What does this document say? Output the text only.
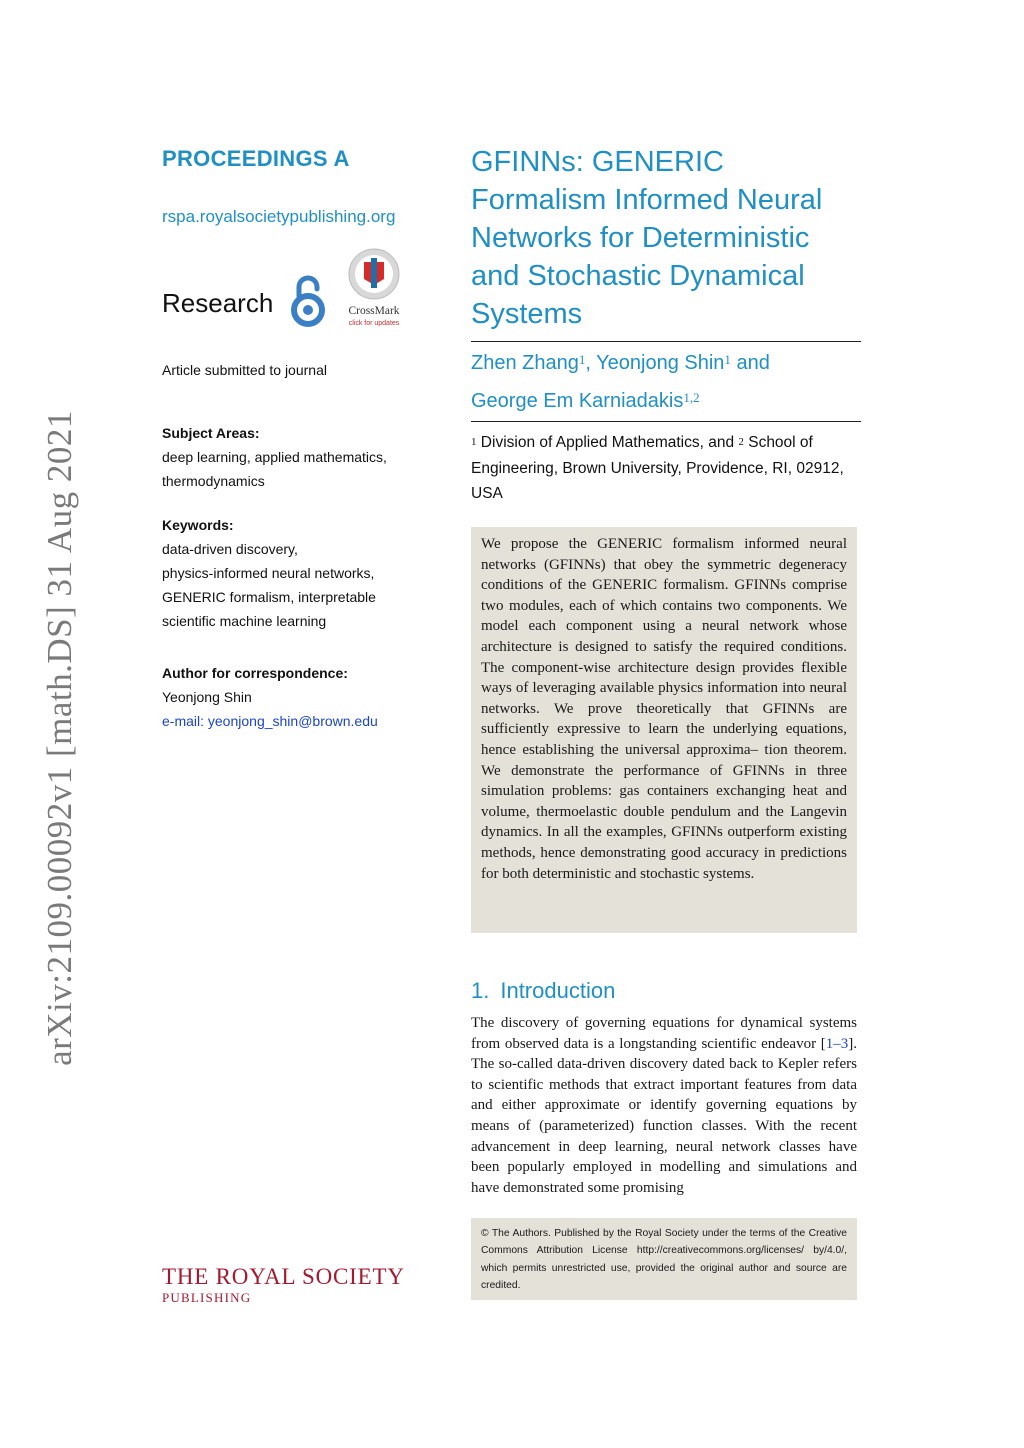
arXiv:2109.00092v1 [math.DS] 31 Aug 2021
PROCEEDINGS A
rspa.royalsocietypublishing.org
Research	CrossMark
click for updates
Article submitted to journal
Subject Areas:
deep learning, applied mathematics,
thermodynamics
Keywords:
data-driven discovery,
physics-informed neural networks,
GENERIC formalism, interpretable
scientific machine learning
Author for correspondence:
Yeonjong Shin
e-mail: yeonjong_shin@brown.edu
THE ROYAL SOCIETY
PUBLISHING
GFINNs: GENERIC
Formalism Informed Neural
Networks for Deterministic
and Stochastic Dynamical
Systems
Zhen Zhang$^1$, Yeonjong Shin$^1$ and
George Em Karniadakis$^{1,2}$
$^1$ Division of Applied Mathematics, and $^2$ School of Engineering, Brown University, Providence, RI, 02912, USA

We propose the GENERIC formalism informed neural networks (GFINNs) that obey the symmetric degeneracy conditions of the GENERIC formalism. GFINNs comprise two modules, each of which contains two components. We model each component using a neural network whose architecture is designed to satisfy the required conditions. The component-wise architecture design provides flexible ways of leveraging available physics information into neural networks. We prove theoretically that GFINNs are sufficiently expressive to learn the underlying equations, hence establishing the universal approxima– tion theorem. We demonstrate the performance of GFINNs in three simulation problems: gas containers exchanging heat and volume, thermoelastic double pendulum and the Langevin dynamics. In all the examples, GFINNs outperform existing methods, hence demonstrating good accuracy in predictions for both deterministic and stochastic systems.

1. Introduction

The discovery of governing equations for dynamical systems from observed data is a longstanding scientific endeavor [1–3]. The so-called data-driven discovery dated back to Kepler refers to scientific methods that extract important features from data and either approximate or identify governing equations by means of (parameterized) function classes. With the recent advancement in deep learning, neural network classes have been popularly employed in modelling and simulations and have demonstrated some promising

© The Authors. Published by the Royal Society under the terms of the Creative Commons Attribution License http://creativecommons.org/licenses/ by/4.0/, which permits unrestricted use, provided the original author and source are credited.
